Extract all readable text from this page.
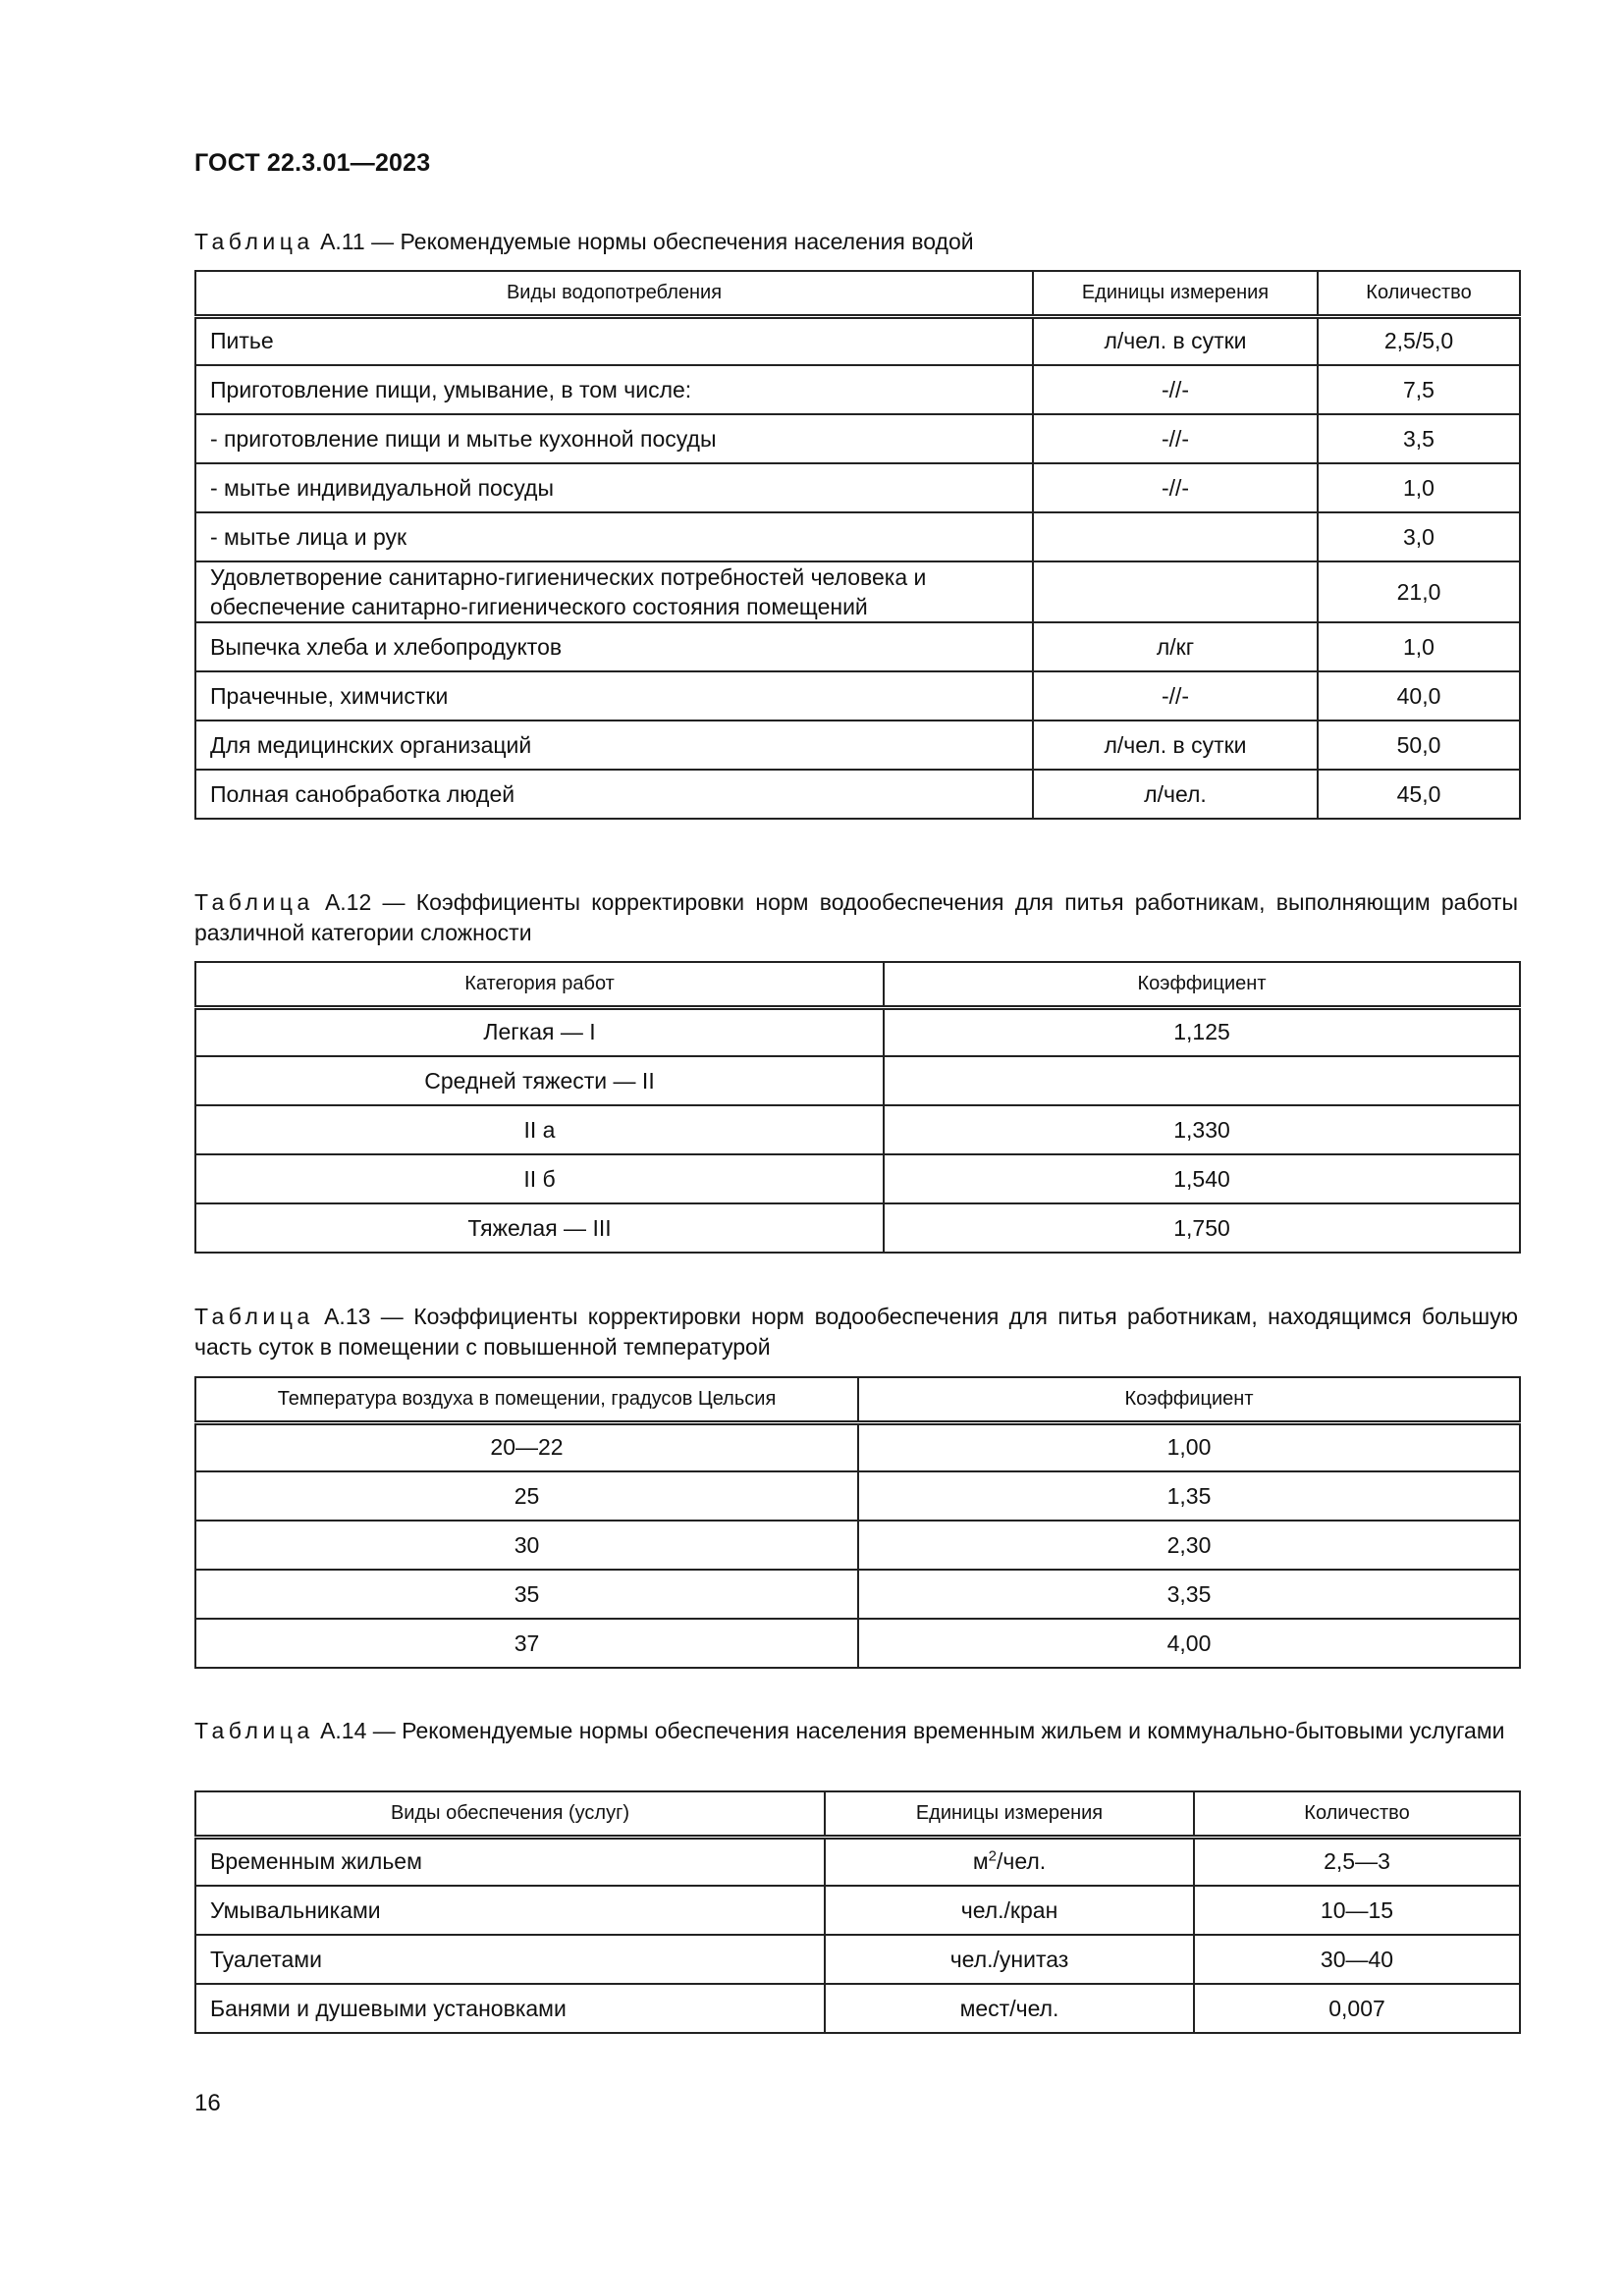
ГОСТ 22.3.01—2023
Таблица А.11 — Рекомендуемые нормы обеспечения населения водой
Виды водопотребления	Единицы измерения	Количество
Питье	л/чел. в сутки	2,5/5,0
Приготовление пищи, умывание, в том числе:	-//-	7,5
- приготовление пищи и мытье кухонной посуды	-//-	3,5
- мытье индивидуальной посуды	-//-	1,0
- мытье лица и рук		3,0
Удовлетворение санитарно-гигиенических потребностей человека и обеспечение санитарно-гигиенического состояния помещений		21,0
Выпечка хлеба и хлебопродуктов	л/кг	1,0
Прачечные, химчистки	-//-	40,0
Для медицинских организаций	л/чел. в сутки	50,0
Полная санобработка людей	л/чел.	45,0
Таблица А.12 — Коэффициенты корректировки норм водообеспечения для питья работникам, выполняющим работы различной категории сложности
Категория работ	Коэффициент
Легкая — I	1,125
Средней тяжести — II	
II а	1,330
II б	1,540
Тяжелая — III	1,750
Таблица А.13 — Коэффициенты корректировки норм водообеспечения для питья работникам, находящимся большую часть суток в помещении с повышенной температурой
Температура воздуха в помещении, градусов Цельсия	Коэффициент
20—22	1,00
25	1,35
30	2,30
35	3,35
37	4,00
Таблица А.14 — Рекомендуемые нормы обеспечения населения временным жильем и коммунально-бытовыми услугами
Виды обеспечения (услуг)	Единицы измерения	Количество
Временным жильем	$м^2$/чел.	2,5—3
Умывальниками	чел./кран	10—15
Туалетами	чел./унитаз	30—40
Банями и душевыми установками	мест/чел.	0,007
16
